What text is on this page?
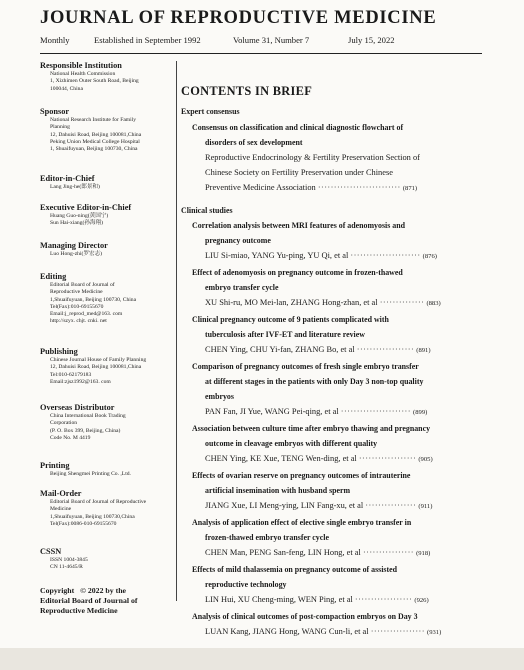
JOURNAL OF REPRODUCTIVE MEDICINE
Monthly	Established in September 1992	Volume 31, Number 7	July 15, 2022
Responsible Institution
National Health Commission
1, Xizhimen Outer South Road, Beijing
100044, China
Sponsor
National Research Institute for Family
Planning
12, Dahuisi Road, Beijing 100081,China
Peking Union Medical College Hospital
1, Shuaifuyuan, Beijing 100730, China
Editor-in-Chief
Lang Jing-he(郎景和)
Executive Editor-in-Chief
Huang Guo-ning(黄国宁)
Sun Hai-xiang(孙海翔)
Managing Director
Luo Hong-zhi(罗宏志)
Editing
Editorial Board of Journal of
Reproductive Medicine
1,Shuaifuyuan, Beijing 100730, China
Tel(Fax):010-69155670
Email:j_reprod_med@163. com
http://szyx. chjt. cnki. net
Publishing
Chinese Journal House of Family Planning
12, Dahuisi Road, Beijing 100081,China
Tel:010-62179183
Email:zjsz1992@163. com
Overseas Distributor
China International Book Trading
Corporation
(P. O. Box 399, Beijing, China)
Code No. M 4419
Printing
Beijing Shengmei Printing Co. ,Ltd.
Mail-Order
Editorial Board of Journal of Reproductive
Medicine
1,Shuaifuyuan, Beijing 100730,China
Tel(Fax):0086-010-69155670
CSSN
ISSN 1004-3845
CN 11-4645/R
Copyright © 2022 by the
Editorial Board of Journal of
Reproductive Medicine
CONTENTS IN BRIEF
Expert consensus
Consensus on classification and clinical diagnostic flowchart of
disorders of sex development
Reproductive Endocrinology & Fertility Preservation Section of
Chinese Society on Fertility Preservation under Chinese
Preventive Medicine Association ·························· (871)
Clinical studies
Correlation analysis between MRI features of adenomyosis and
pregnancy outcome
LIU Si-miao, YANG Yu-ping, YU Qi, et al ······················ (876)
Effect of adenomyosis on pregnancy outcome in frozen-thawed
embryo transfer cycle
XU Shi-ru, MO Mei-lan, ZHANG Hong-zhan, et al ·············· (883)
Clinical pregnancy outcome of 9 patients complicated with
tuberculosis after IVF-ET and literature review
CHEN Ying, CHU Yi-fan, ZHANG Bo, et al ·················· (891)
Comparison of pregnancy outcomes of fresh single embryo transfer
at different stages in the patients with only Day 3 non-top quality
embryos
PAN Fan, JI Yue, WANG Pei-qing, et al ······················ (899)
Association between culture time after embryo thawing and pregnancy
outcome in cleavage embryos with different quality
CHEN Ying, KE Xue, TENG Wen-ding, et al ·················· (905)
Effects of ovarian reserve on pregnancy outcomes of intrauterine
artificial insemination with husband sperm
JIANG Xue, LI Meng-ying, LIN Fang-xu, et al ················ (911)
Analysis of application effect of elective single embryo transfer in
frozen-thawed embryo transfer cycle
CHEN Man, PENG San-feng, LIN Hong, et al ················ (918)
Effects of mild thalassemia on pregnancy outcome of assisted
reproductive technology
LIN Hui, XU Cheng-ming, WEN Ping, et al ·················· (926)
Analysis of clinical outcomes of post-compaction embryos on Day 3
LUAN Kang, JIANG Hong, WANG Cun-li, et al ················· (931)
